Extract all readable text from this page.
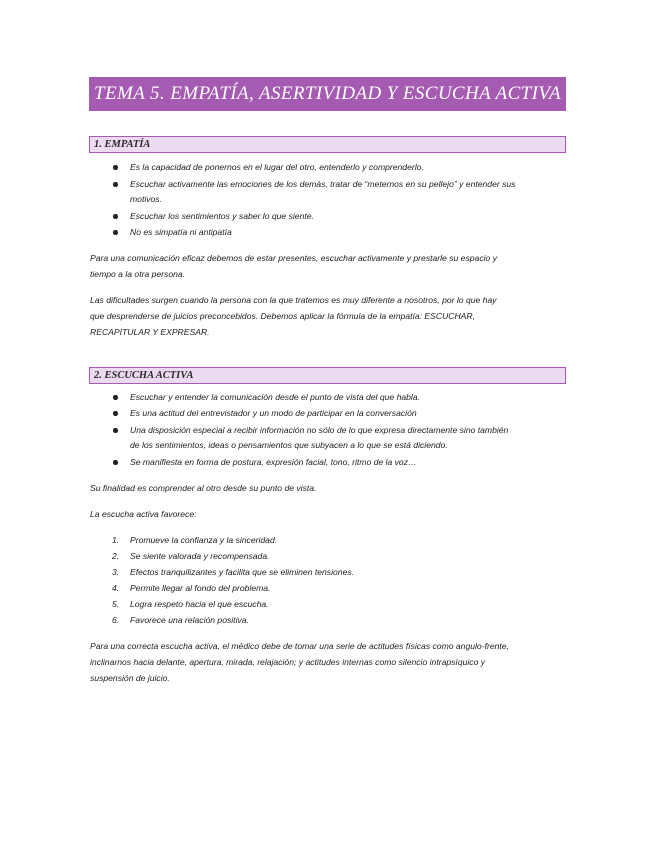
TEMA 5. EMPATÍA, ASERTIVIDAD Y ESCUCHA ACTIVA
1. EMPATÍA
Es la capacidad de ponernos en el lugar del otro, entenderlo y comprenderlo.
Escuchar activamente las emociones de los demás, tratar de “meternos en su pellejo” y entender sus
motivos.
Escuchar los sentimientos y saber lo que siente.
No es simpatía ni antipatía
Para una comunicación eficaz debemos de estar presentes, escuchar activamente y prestarle su espacio y
tiempo a la otra persona.
Las dificultades surgen cuando la persona con la que tratemos es muy diferente a nosotros, por lo que hay
que desprenderse de juicios preconcebidos. Debemos aplicar la fórmula de la empatía: ESCUCHAR,
RECAPITULAR Y EXPRESAR.
2. ESCUCHA ACTIVA
Escuchar y entender la comunicación desde el punto de vista del que habla.
Es una actitud del entrevistador y un modo de participar en la conversación
Una disposición especial a recibir información no sólo de lo que expresa directamente sino también
de los sentimientos, ideas o pensamientos que subyacen a lo que se está diciendo.
Se manifiesta en forma de postura, expresión facial, tono, ritmo de la voz…
Su finalidad es comprender al otro desde su punto de vista.
La escucha activa favorece:
1. Promueve la confianza y la sinceridad.
2. Se siente valorada y recompensada.
3. Efectos tranquilizantes y facilita que se eliminen tensiones.
4. Permite llegar al fondo del problema.
5. Logra respeto hacia el que escucha.
6. Favorece una relación positiva.
Para una correcta escucha activa, el médico debe de tomar una serie de actitudes físicas como angulo-frente,
inclinarnos hacia delante, apertura, mirada, relajación; y actitudes internas como silencio intrapsíquico y
suspensión de juicio.
